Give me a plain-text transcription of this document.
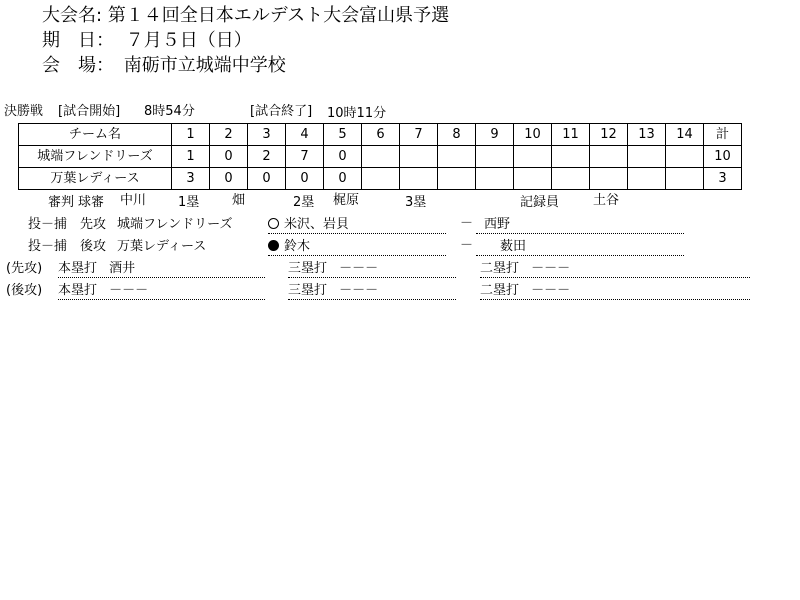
大会名: 第１４回全日本エルデスト大会富山県予選
期　日： ７月５日（日）
会　場： 南砺市立城端中学校
決勝戦 [試合開始] 8時54分	[試合終了] 10時11分
チーム名	1	2	3	4	5	6	7	8	9	10	11	12	13	14	計
城端フレンドリーズ	1	0	2	7	0										10
万葉レディース	3	0	0	0	0										3
審判 球審 中川 1塁	畑	2塁 梶原	3塁	記録員	土谷
投－捕 先攻 城端フレンドリーズ	米沢、岩貝	－ 西野
投－捕 後攻 万葉レディース	鈴木	－	薮田
(先攻) 本塁打 酒井	三塁打 －－－	二塁打 －－－
(後攻) 本塁打 －－－	三塁打 －－－	二塁打 －－－
